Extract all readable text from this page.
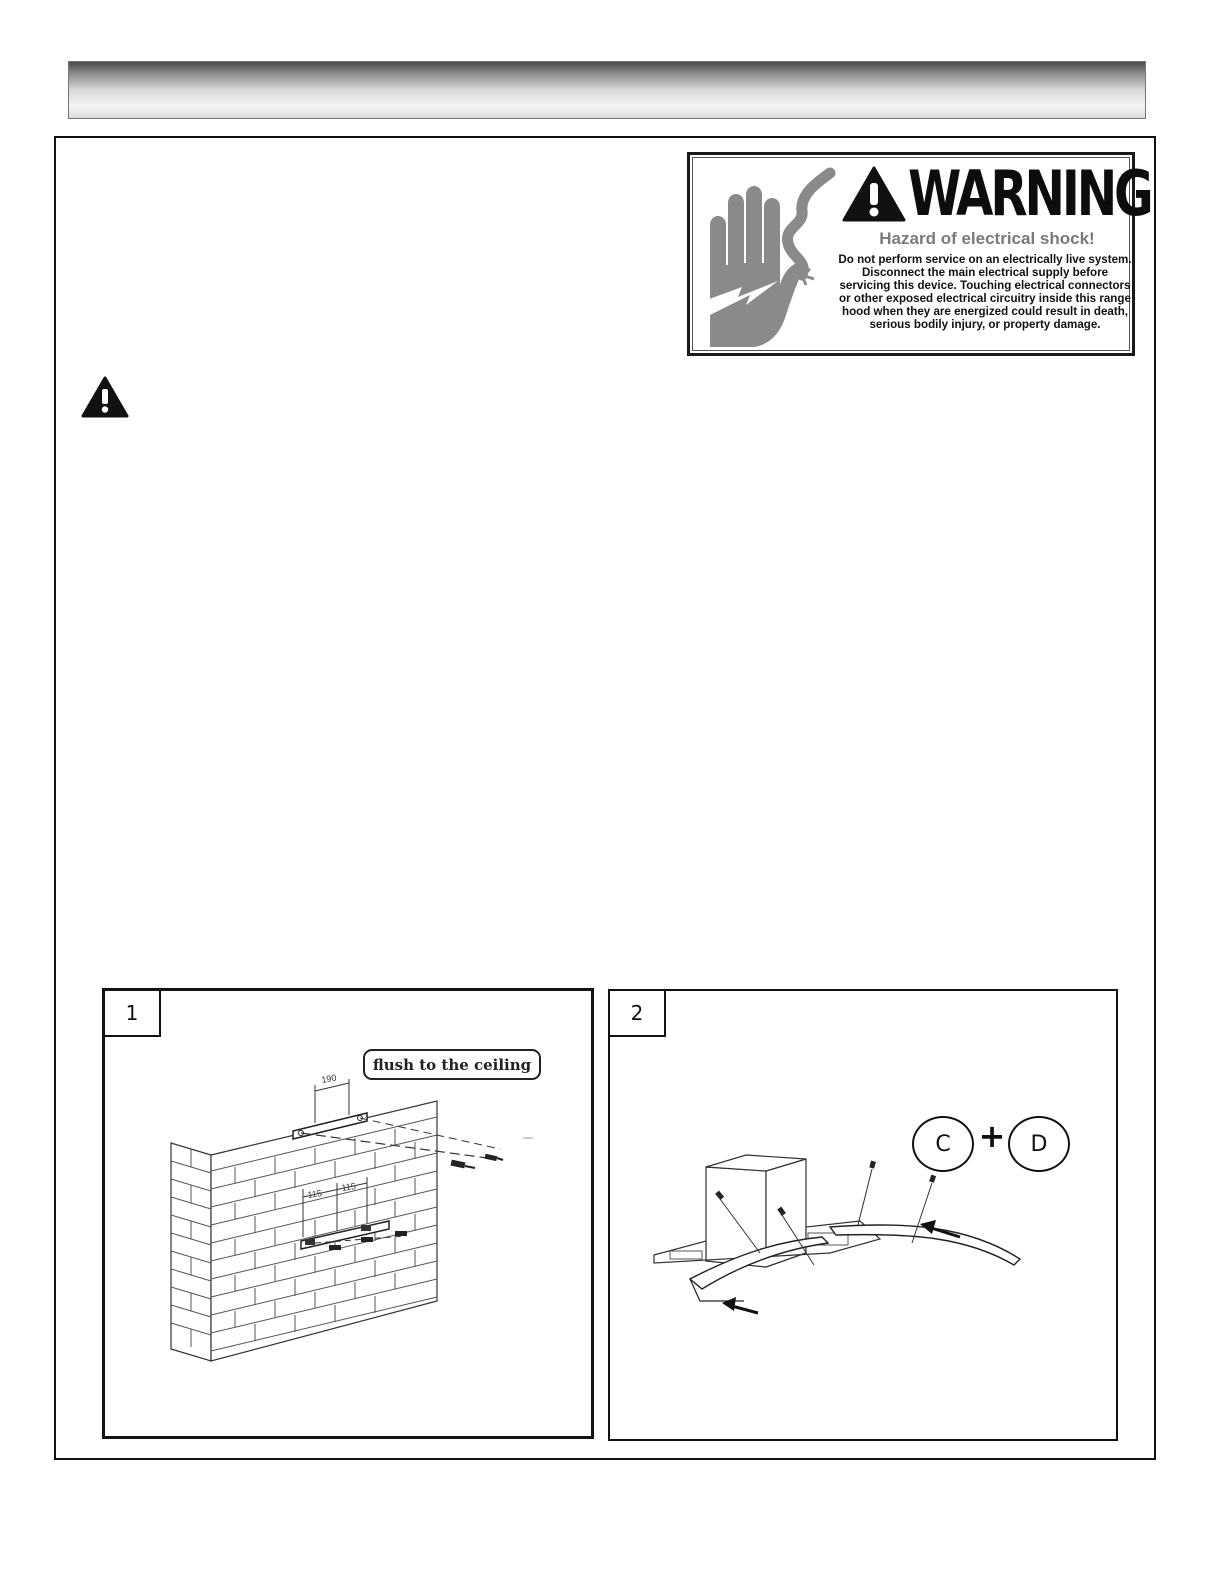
WARNING
Hazard of electrical shock!
Do not perform service on an electrically live system. Disconnect the main electrical supply before servicing this device. Touching electrical connectors or other exposed electrical circuitry inside this range hood when they are energized could result in death, serious bodily injury, or property damage.
190
115
115
1
flush to the ceiling
2
C +	D
